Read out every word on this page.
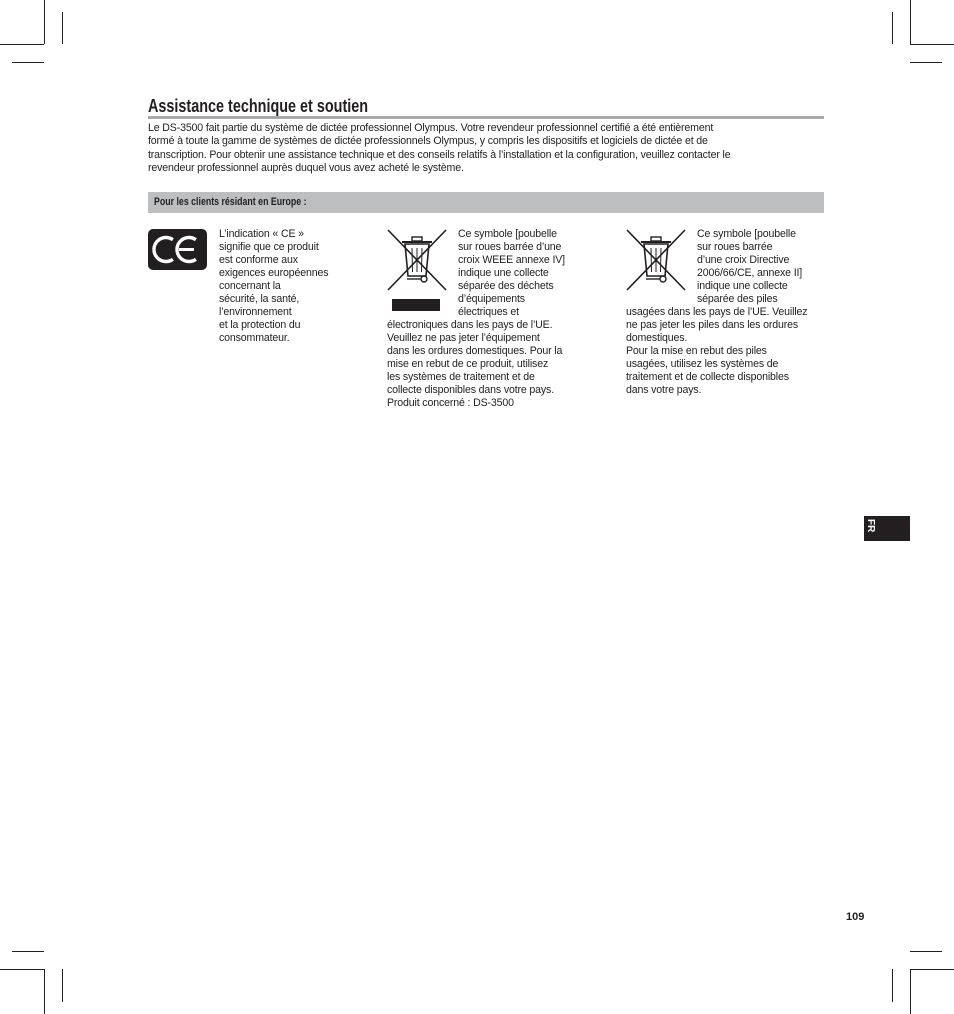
Assistance technique et soutien
Le DS-3500 fait partie du système de dictée professionnel Olympus. Votre revendeur professionnel certifié a été entièrement
formé à toute la gamme de systèmes de dictée professionnels Olympus, y compris les dispositifs et logiciels de dictée et de
transcription. Pour obtenir une assistance technique et des conseils relatifs à l’installation et la configuration, veuillez contacter le
revendeur professionnel auprès duquel vous avez acheté le système.
Pour les clients résidant en Europe :
L’indication « CE »
signifie que ce produit
est conforme aux
exigences européennes
concernant la
sécurité, la santé,
l’environnement
et la protection du
consommateur.
Ce symbole [poubelle
sur roues barrée d’une
croix WEEE annexe IV]
indique une collecte
séparée des déchets
d’équipements
électriques et
électroniques dans les pays de l’UE.
Veuillez ne pas jeter l’équipement
dans les ordures domestiques. Pour la
mise en rebut de ce produit, utilisez
les systèmes de traitement et de
collecte disponibles dans votre pays.
Produit concerné : DS-3500
Ce symbole [poubelle
sur roues barrée
d’une croix Directive
2006/66/CE, annexe II]
indique une collecte
séparée des piles
usagées dans les pays de l’UE. Veuillez
ne pas jeter les piles dans les ordures
domestiques.
Pour la mise en rebut des piles
usagées, utilisez les systèmes de
traitement et de collecte disponibles
dans votre pays.
FR
109
